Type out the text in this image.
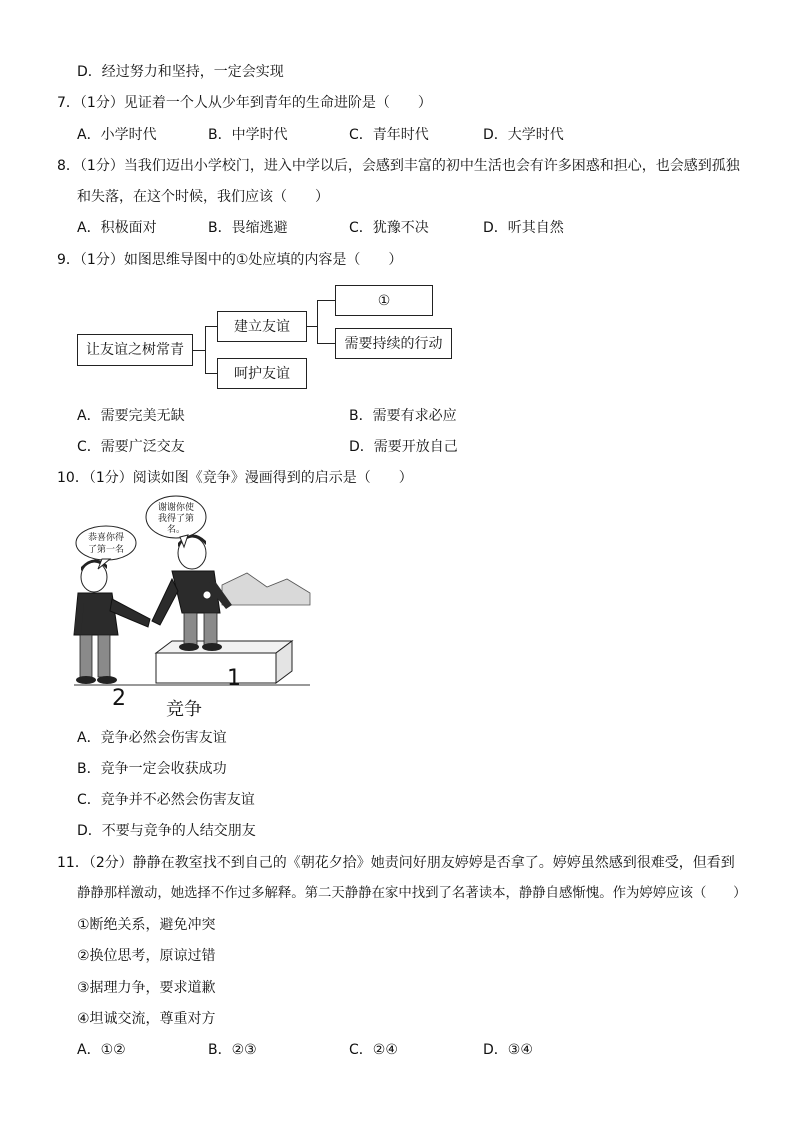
D．经过努力和坚持，一定会实现
7．（1分）见证着一个人从少年到青年的生命进阶是（　　）
A．小学时代	B．中学时代	C．青年时代	D．大学时代
8．（1分）当我们迈出小学校门，进入中学以后，会感到丰富的初中生活也会有许多困惑和担心，也会感到孤独
和失落，在这个时候，我们应该（　　）
A．积极面对	B．畏缩逃避	C．犹豫不决	D．听其自然
9．（1分）如图思维导图中的①处应填的内容是（　　）
让友谊之树常青
建立友谊
呵护友谊
①
需要持续的行动
A．需要完美无缺	B．需要有求必应
C．需要广泛交友	D．需要开放自己
10．（1分）阅读如图《竞争》漫画得到的启示是（　　）
恭喜你得
了第一名
谢谢你使
我得了第
名。
1
2 竞争
A．竞争必然会伤害友谊
B．竞争一定会收获成功
C．竞争并不必然会伤害友谊
D．不要与竞争的人结交朋友
11．（2分）静静在教室找不到自己的《朝花夕拾》她责问好朋友婷婷是否拿了。婷婷虽然感到很难受，但看到
静静那样激动，她选择不作过多解释。第二天静静在家中找到了名著读本，静静自感惭愧。作为婷婷应该（　　）
①断绝关系，避免冲突
②换位思考，原谅过错
③据理力争，要求道歉
④坦诚交流，尊重对方
A．①②	B．②③	C．②④	D．③④
